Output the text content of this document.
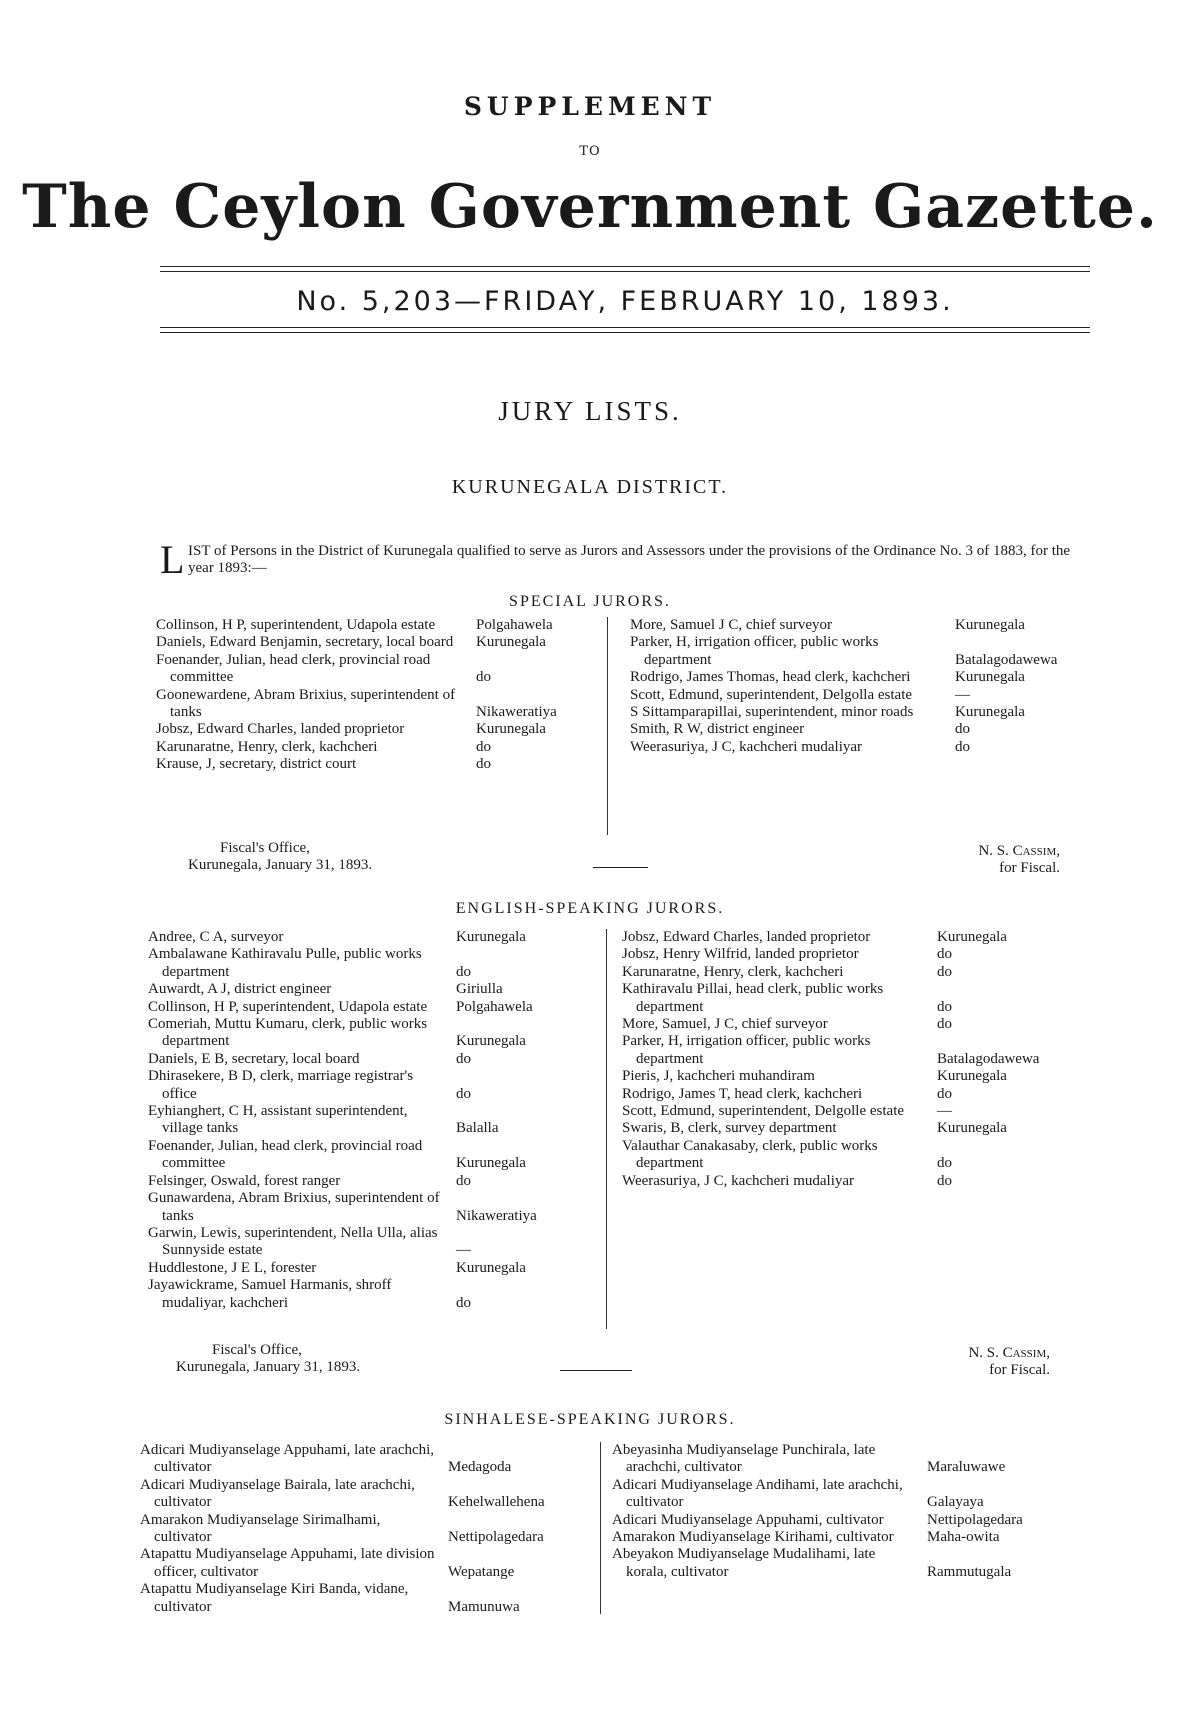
SUPPLEMENT
TO
The Ceylon Government Gazette.
No. 5,203—FRIDAY, FEBRUARY 10, 1893.
JURY LISTS.
KURUNEGALA DISTRICT.
L IST of Persons in the District of Kurunegala qualified to serve as Jurors and Assessors under the provisions of the Ordinance No. 3 of 1883, for the year 1893:—
SPECIAL JURORS.
Collinson, H P, superintendent, Udapola estate	Polgahawela
Daniels, Edward Benjamin, secretary, local board Kurunegala
Foenander, Julian, head clerk, provincial road committee	do
Goonewardene, Abram Brixius, superintendent of tanks	Nikaweratiya
Jobsz, Edward Charles, landed proprietor	Kurunegala
Karunaratne, Henry, clerk, kachcheri	do
Krause, J, secretary, district court	do
More, Samuel J C, chief surveyor	Kurunegala
Parker, H, irrigation officer, public works department	Batalagodawewa
Rodrigo, James Thomas, head clerk, kachcheri	Kurunegala
Scott, Edmund, superintendent, Delgolla estate	—
S Sittamparapillai, superintendent, minor roads	Kurunegala
Smith, R W, district engineer	do
Weerasuriya, J C, kachcheri mudaliyar	do
Fiscal's Office,
Kurunegala, January 31, 1893.
N. S. Cassim,
for Fiscal.
ENGLISH-SPEAKING JURORS.
Andree, C A, surveyor	Kurunegala
Ambalawane Kathiravalu Pulle, public works department	do
Auwardt, A J, district engineer	Giriulla
Collinson, H P, superintendent, Udapola estate	Polgahawela
Comeriah, Muttu Kumaru, clerk, public works department	Kurunegala
Daniels, E B, secretary, local board	do
Dhirasekere, B D, clerk, marriage registrar's office	do
Eyhianghert, C H, assistant superintendent, village tanks	Balalla
Foenander, Julian, head clerk, provincial road committee	Kurunegala
Felsinger, Oswald, forest ranger	do
Gunawardena, Abram Brixius, superintendent of tanks	Nikaweratiya
Garwin, Lewis, superintendent, Nella Ulla, alias Sunnyside estate	—
Huddlestone, J E L, forester	Kurunegala
Jayawickrame, Samuel Harmanis, shroff mudaliyar, kachcheri	do
Jobsz, Edward Charles, landed proprietor	Kurunegala
Jobsz, Henry Wilfrid, landed proprietor	do
Karunaratne, Henry, clerk, kachcheri	do
Kathiravalu Pillai, head clerk, public works department	do
More, Samuel, J C, chief surveyor	do
Parker, H, irrigation officer, public works department	Batalagodawewa
Pieris, J, kachcheri muhandiram	Kurunegala
Rodrigo, James T, head clerk, kachcheri	do
Scott, Edmund, superintendent, Delgolle estate	—
Swaris, B, clerk, survey department	Kurunegala
Valauthar Canakasaby, clerk, public works department	do
Weerasuriya, J C, kachcheri mudaliyar	do
Fiscal's Office,
Kurunegala, January 31, 1893.
N. S. Cassim,
for Fiscal.
SINHALESE-SPEAKING JURORS.
Adicari Mudiyanselage Appuhami, late arachchi, cultivator	Medagoda
Adicari Mudiyanselage Bairala, late arachchi, cultivator	Kehelwallehena
Amarakon Mudiyanselage Sirimalhami, cultivator	Nettipolagedara
Atapattu Mudiyanselage Appuhami, late division officer, cultivator	Wepatange
Atapattu Mudiyanselage Kiri Banda, vidane, cultivator	Mamunuwa
Abeyasinha Mudiyanselage Punchirala, late arachchi, cultivator	Maraluwawe
Adicari Mudiyanselage Andihami, late arachchi, cultivator	Galayaya
Adicari Mudiyanselage Appuhami, cultivator	Nettipolagedara
Amarakon Mudiyanselage Kirihami, cultivator	Maha-owita
Abeyakon Mudiyanselage Mudalihami, late korala, cultivator	Rammutugala
